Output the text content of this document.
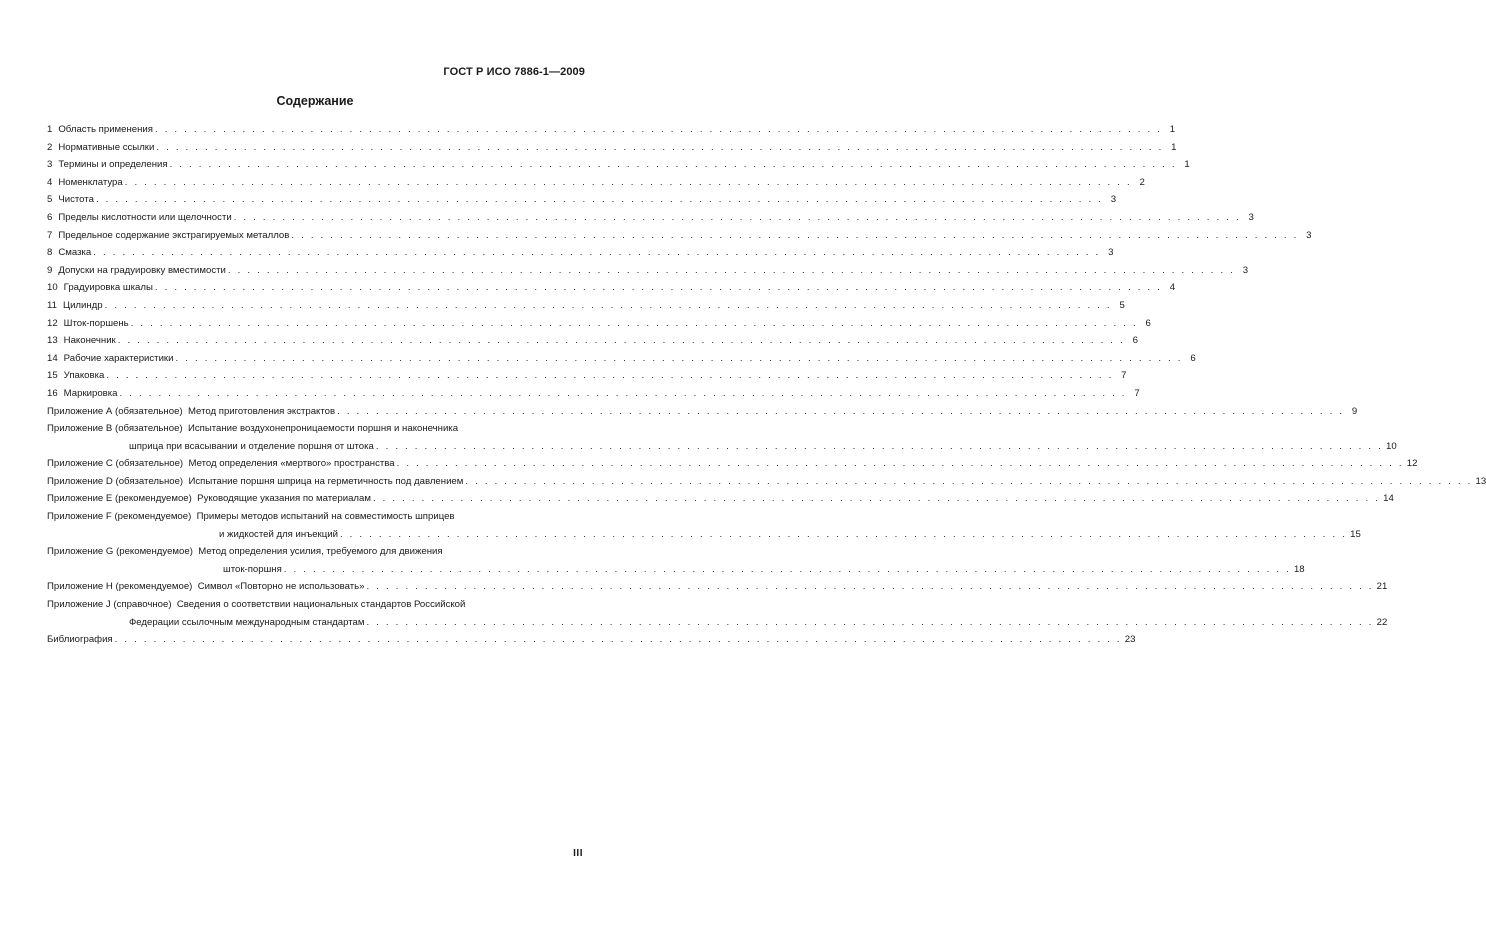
ГОСТ Р ИСО 7886-1—2009
Содержание
1 Область применения . . . . . . . . . . . . . . . . . . . . . . . . . . . . . . . . . . . . . . . . . . . . . . . . . . . . . . . . . . . . . . . . . . . . . . . . . . . . . . . . . . . . . . . . . . . . . . . . . . . . . . . . 1
2 Нормативные ссылки . . . . . . . . . . . . . . . . . . . . . . . . . . . . . . . . . . . . . . . . . . . . . . . . . . . . . . . . . . . . . . . . . . . . . . . . . . . . . . . . . . . . . . . . . . . . . . . . . . . . . . . . 1
3 Термины и определения . . . . . . . . . . . . . . . . . . . . . . . . . . . . . . . . . . . . . . . . . . . . . . . . . . . . . . . . . . . . . . . . . . . . . . . . . . . . . . . . . . . . . . . . . . . . . . . . . . . . . . . . 1
4 Номенклатура . . . . . . . . . . . . . . . . . . . . . . . . . . . . . . . . . . . . . . . . . . . . . . . . . . . . . . . . . . . . . . . . . . . . . . . . . . . . . . . . . . . . . . . . . . . . . . . . . . . . . . . . 2
5 Чистота . . . . . . . . . . . . . . . . . . . . . . . . . . . . . . . . . . . . . . . . . . . . . . . . . . . . . . . . . . . . . . . . . . . . . . . . . . . . . . . . . . . . . . . . . . . . . . . . . . . . . . . . 3
6 Пределы кислотности или щелочности . . . . . . . . . . . . . . . . . . . . . . . . . . . . . . . . . . . . . . . . . . . . . . . . . . . . . . . . . . . . . . . . . . . . . . . . . . . . . . . . . . . . . . . . . . . . . . . . . . . . . . . . 3
7 Предельное содержание экстрагируемых металлов . . . . . . . . . . . . . . . . . . . . . . . . . . . . . . . . . . . . . . . . . . . . . . . . . . . . . . . . . . . . . . . . . . . . . . . . . . . . . . . . . . . . . . . . . . . . . . . . . . . . . . . . 3
8 Смазка . . . . . . . . . . . . . . . . . . . . . . . . . . . . . . . . . . . . . . . . . . . . . . . . . . . . . . . . . . . . . . . . . . . . . . . . . . . . . . . . . . . . . . . . . . . . . . . . . . . . . . . . 3
9 Допуски на градуировку вместимости . . . . . . . . . . . . . . . . . . . . . . . . . . . . . . . . . . . . . . . . . . . . . . . . . . . . . . . . . . . . . . . . . . . . . . . . . . . . . . . . . . . . . . . . . . . . . . . . . . . . . . . . 3
10 Градуировка шкалы . . . . . . . . . . . . . . . . . . . . . . . . . . . . . . . . . . . . . . . . . . . . . . . . . . . . . . . . . . . . . . . . . . . . . . . . . . . . . . . . . . . . . . . . . . . . . . . . . . . . . . . . 4
11 Цилиндр . . . . . . . . . . . . . . . . . . . . . . . . . . . . . . . . . . . . . . . . . . . . . . . . . . . . . . . . . . . . . . . . . . . . . . . . . . . . . . . . . . . . . . . . . . . . . . . . . . . . . . . . 5
12 Шток-поршень . . . . . . . . . . . . . . . . . . . . . . . . . . . . . . . . . . . . . . . . . . . . . . . . . . . . . . . . . . . . . . . . . . . . . . . . . . . . . . . . . . . . . . . . . . . . . . . . . . . . . . . . 6
13 Наконечник . . . . . . . . . . . . . . . . . . . . . . . . . . . . . . . . . . . . . . . . . . . . . . . . . . . . . . . . . . . . . . . . . . . . . . . . . . . . . . . . . . . . . . . . . . . . . . . . . . . . . . . . 6
14 Рабочие характеристики . . . . . . . . . . . . . . . . . . . . . . . . . . . . . . . . . . . . . . . . . . . . . . . . . . . . . . . . . . . . . . . . . . . . . . . . . . . . . . . . . . . . . . . . . . . . . . . . . . . . . . . . 6
15 Упаковка . . . . . . . . . . . . . . . . . . . . . . . . . . . . . . . . . . . . . . . . . . . . . . . . . . . . . . . . . . . . . . . . . . . . . . . . . . . . . . . . . . . . . . . . . . . . . . . . . . . . . . . . 7
16 Маркировка . . . . . . . . . . . . . . . . . . . . . . . . . . . . . . . . . . . . . . . . . . . . . . . . . . . . . . . . . . . . . . . . . . . . . . . . . . . . . . . . . . . . . . . . . . . . . . . . . . . . . . . . 7
Приложение А (обязательное) Метод приготовления экстрактов . . . . . . . . . . . . . . . . . . . . . . . . . . . . . . . . . . . . . . . . . . . . . . . . . . . . . . . . . . . . . . . . . . . . . . . . . . . . . . . . . . . . . . . . . . . . . . . . . . . . . . . . 9
Приложение В (обязательное) Испытание воздухонепроницаемости поршня и наконечника
шприца при всасывании и отделение поршня от штока . . . . . . . . . . . . . . . . . . . . . . . . . . . . . . . . . . . . . . . . . . . . . . . . . . . . . . . . . . . . . . . . . . . . . . . . . . . . . . . . . . . . . . . . . . . . . . . . . . . . . . . . 10
Приложение С (обязательное) Метод определения «мертвого» пространства . . . . . . . . . . . . . . . . . . . . . . . . . . . . . . . . . . . . . . . . . . . . . . . . . . . . . . . . . . . . . . . . . . . . . . . . . . . . . . . . . . . . . . . . . . . . . . . . . . . . . . . . 12
Приложение D (обязательное) Испытание поршня шприца на герметичность под давлением . . . . . . . . . . . . . . . . . . . . . . . . . . . . . . . . . . . . . . . . . . . . . . . . . . . . . . . . . . . . . . . . . . . . . . . . . . . . . . . . . . . . . . . . . . . . . . . . . . . . . . . . 13
Приложение Е (рекомендуемое) Руководящие указания по материалам . . . . . . . . . . . . . . . . . . . . . . . . . . . . . . . . . . . . . . . . . . . . . . . . . . . . . . . . . . . . . . . . . . . . . . . . . . . . . . . . . . . . . . . . . . . . . . . . . . . . . . . . 14
Приложение F (рекомендуемое) Примеры методов испытаний на совместимость шприцев
и жидкостей для инъекций . . . . . . . . . . . . . . . . . . . . . . . . . . . . . . . . . . . . . . . . . . . . . . . . . . . . . . . . . . . . . . . . . . . . . . . . . . . . . . . . . . . . . . . . . . . . . . . . . . . . . . . . 15
Приложение G (рекомендуемое) Метод определения усилия, требуемого для движения
шток-поршня . . . . . . . . . . . . . . . . . . . . . . . . . . . . . . . . . . . . . . . . . . . . . . . . . . . . . . . . . . . . . . . . . . . . . . . . . . . . . . . . . . . . . . . . . . . . . . . . . . . . . . . . 18
Приложение Н (рекомендуемое) Символ «Повторно не использовать» . . . . . . . . . . . . . . . . . . . . . . . . . . . . . . . . . . . . . . . . . . . . . . . . . . . . . . . . . . . . . . . . . . . . . . . . . . . . . . . . . . . . . . . . . . . . . . . . . . . . . . . . 21
Приложение J (справочное) Сведения о соответствии национальных стандартов Российской
Федерации ссылочным международным стандартам . . . . . . . . . . . . . . . . . . . . . . . . . . . . . . . . . . . . . . . . . . . . . . . . . . . . . . . . . . . . . . . . . . . . . . . . . . . . . . . . . . . . . . . . . . . . . . . . . . . . . . . . 22
Библиография . . . . . . . . . . . . . . . . . . . . . . . . . . . . . . . . . . . . . . . . . . . . . . . . . . . . . . . . . . . . . . . . . . . . . . . . . . . . . . . . . . . . . . . . . . . . . . . . . . . . . . . . 23
III
